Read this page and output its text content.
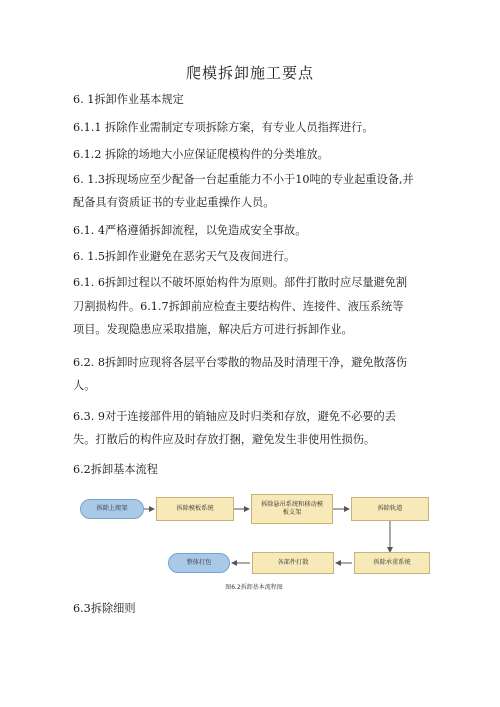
爬模拆卸施工要点
6. 1拆卸作业基本规定
6.1.1 拆除作业需制定专项拆除方案，有专业人员指挥进行。
6.1.2 拆除的场地大小应保证爬模构件的分类堆放。
6. 1.3拆现场应至少配备一台起重能力不小于10吨的专业起重设备,并
配备具有资质证书的专业起重操作人员。
6.1. 4严格遵循拆卸流程，以免造成安全事故。
6. 1.5拆卸作业避免在恶劣天气及夜间进行。
6.1. 6拆卸过程以不破坏原始构件为原则。部件打散时应尽量避免割
刀割损构件。6.1.7拆卸前应检查主要结构件、连接件、液压系统等
项目。发现隐患应采取措施，解决后方可进行拆卸作业。
6.2. 8拆卸时应现将各层平台零散的物品及时清理干净，避免散落伤
人。
6.3. 9对于连接部件用的销轴应及时归类和存放，避免不必要的丢
失。打散后的构件应及时存放打捆，避免发生非使用性损伤。
6.2拆卸基本流程
拆除上爬架	拆除模板系统
拆除悬吊系统和移动模板支架
拆除轨道
拆除承重系统
各部件打散
整体打包
图6.2拆卸基本流程图
6.3拆除细则
